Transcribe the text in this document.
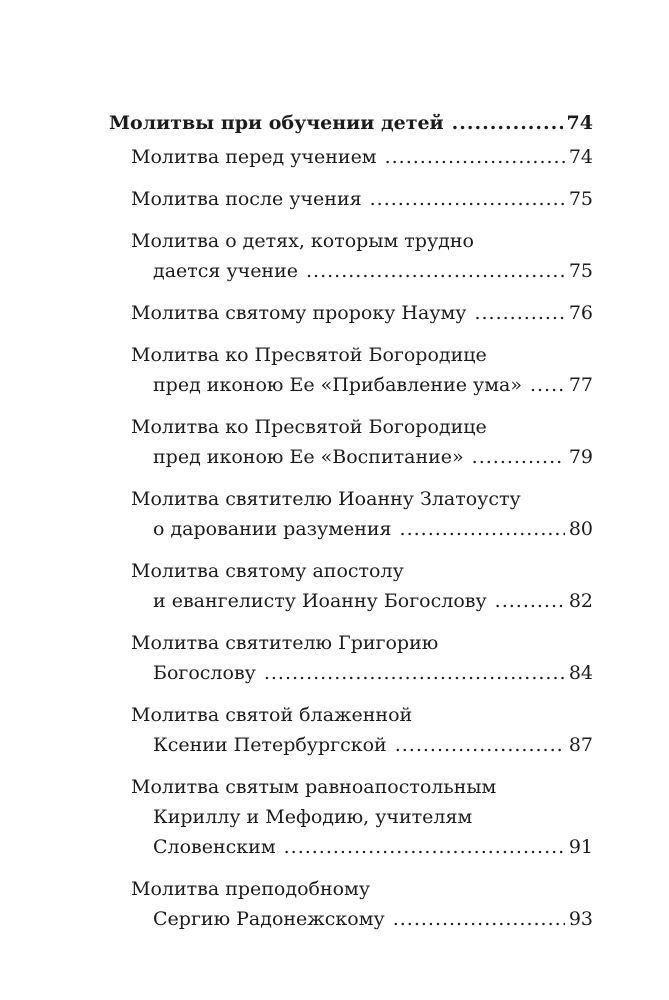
Молитвы при обучении детей .....	74
Молитва перед учением .....	74
Молитва после учения .....	75
Молитва о детях, которым трудно
дается учение .....	75
Молитва святому пророку Науму .....	76
Молитва ко Пресвятой Богородице
пред иконою Ее «Прибавление ума» ..... 77
Молитва ко Пресвятой Богородице
пред иконою Ее «Воспитание» .....	79
Молитва святителю Иоанну Златоусту
о даровании разумения .....	80
Молитва святому апостолу
и евангелисту Иоанну Богослову .....	82
Молитва святителю Григорию
Богослову .....	84
Молитва святой блаженной
Ксении Петербургской .....	87
Молитва святым равноапостольным
Кириллу и Мефодию, учителям
Словенским .....	91
Молитва преподобному
Сергию Радонежскому .....	93
